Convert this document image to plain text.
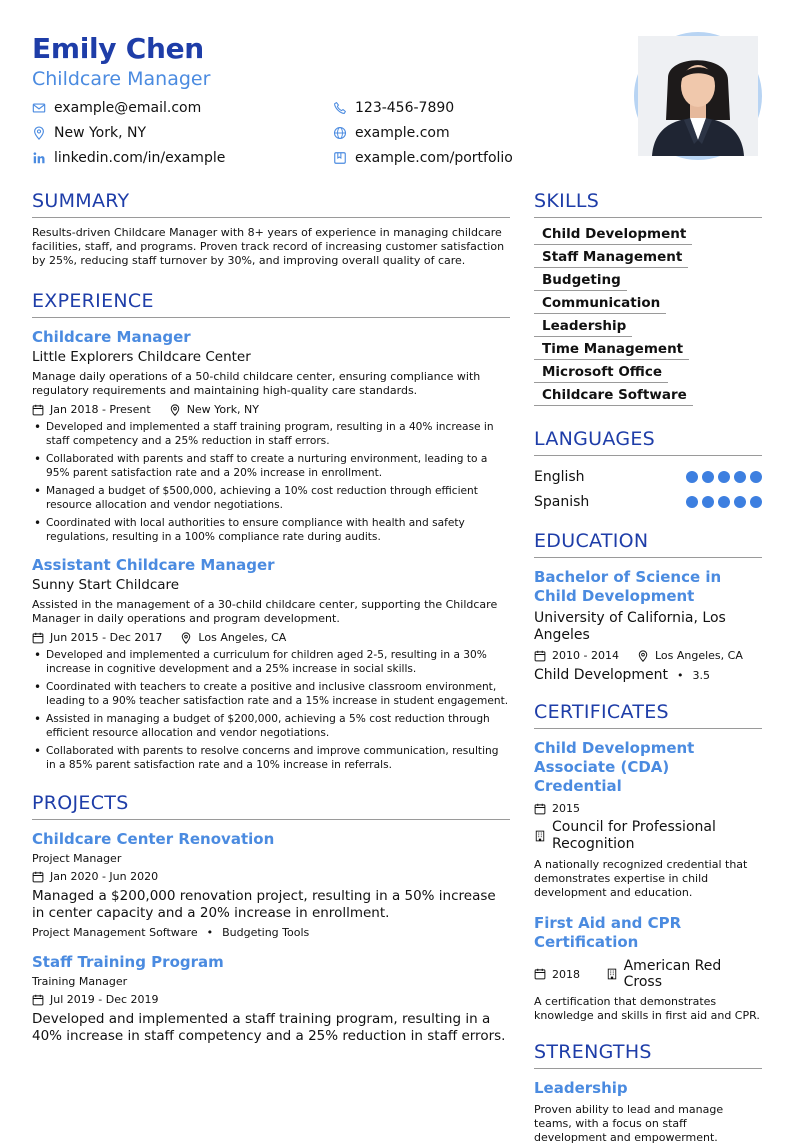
Emily Chen
Childcare Manager
example@email.com	123-456-7890
New York, NY	example.com
linkedin.com/in/example	example.com/portfolio
SUMMARY
Results-driven Childcare Manager with 8+ years of experience in managing childcare facilities, staff, and programs. Proven track record of increasing customer satisfaction by 25%, reducing staff turnover by 30%, and improving overall quality of care.
EXPERIENCE
Childcare Manager
Little Explorers Childcare Center
Manage daily operations of a 50-child childcare center, ensuring compliance with regulatory requirements and maintaining high-quality care standards.
Jan 2018 - Present	New York, NY
• Developed and implemented a staff training program, resulting in a 40% increase in staff competency and a 25% reduction in staff errors.
• Collaborated with parents and staff to create a nurturing environment, leading to a 95% parent satisfaction rate and a 20% increase in enrollment.
• Managed a budget of $500,000, achieving a 10% cost reduction through efficient resource allocation and vendor negotiations.
• Coordinated with local authorities to ensure compliance with health and safety regulations, resulting in a 100% compliance rate during audits.
Assistant Childcare Manager
Sunny Start Childcare
Assisted in the management of a 30-child childcare center, supporting the Childcare Manager in daily operations and program development.
Jun 2015 - Dec 2017	Los Angeles, CA
• Developed and implemented a curriculum for children aged 2-5, resulting in a 30% increase in cognitive development and a 25% increase in social skills.
• Coordinated with teachers to create a positive and inclusive classroom environment, leading to a 90% teacher satisfaction rate and a 15% increase in student engagement.
• Assisted in managing a budget of $200,000, achieving a 5% cost reduction through efficient resource allocation and vendor negotiations.
• Collaborated with parents to resolve concerns and improve communication, resulting in a 85% parent satisfaction rate and a 10% increase in referrals.
PROJECTS
Childcare Center Renovation
Project Manager
Jan 2020 - Jun 2020
Managed a $200,000 renovation project, resulting in a 50% increase in center capacity and a 20% increase in enrollment.
Project Management Software • Budgeting Tools
Staff Training Program
Training Manager
Jul 2019 - Dec 2019
Developed and implemented a staff training program, resulting in a 40% increase in staff competency and a 25% reduction in staff errors.
SKILLS
Child Development
Staff Management
Budgeting
Communication
Leadership
Time Management
Microsoft Office
Childcare Software
LANGUAGES
English
Spanish
EDUCATION
Bachelor of Science in Child Development
University of California, Los Angeles
2010 - 2014	Los Angeles, CA
Child Development • 3.5
CERTIFICATES
Child Development Associate (CDA) Credential
2015
Council for Professional Recognition
A nationally recognized credential that demonstrates expertise in child development and education.
First Aid and CPR Certification
2018	American Red Cross
A certification that demonstrates knowledge and skills in first aid and CPR.
STRENGTHS
Leadership
Proven ability to lead and manage teams, with a focus on staff development and empowerment.
